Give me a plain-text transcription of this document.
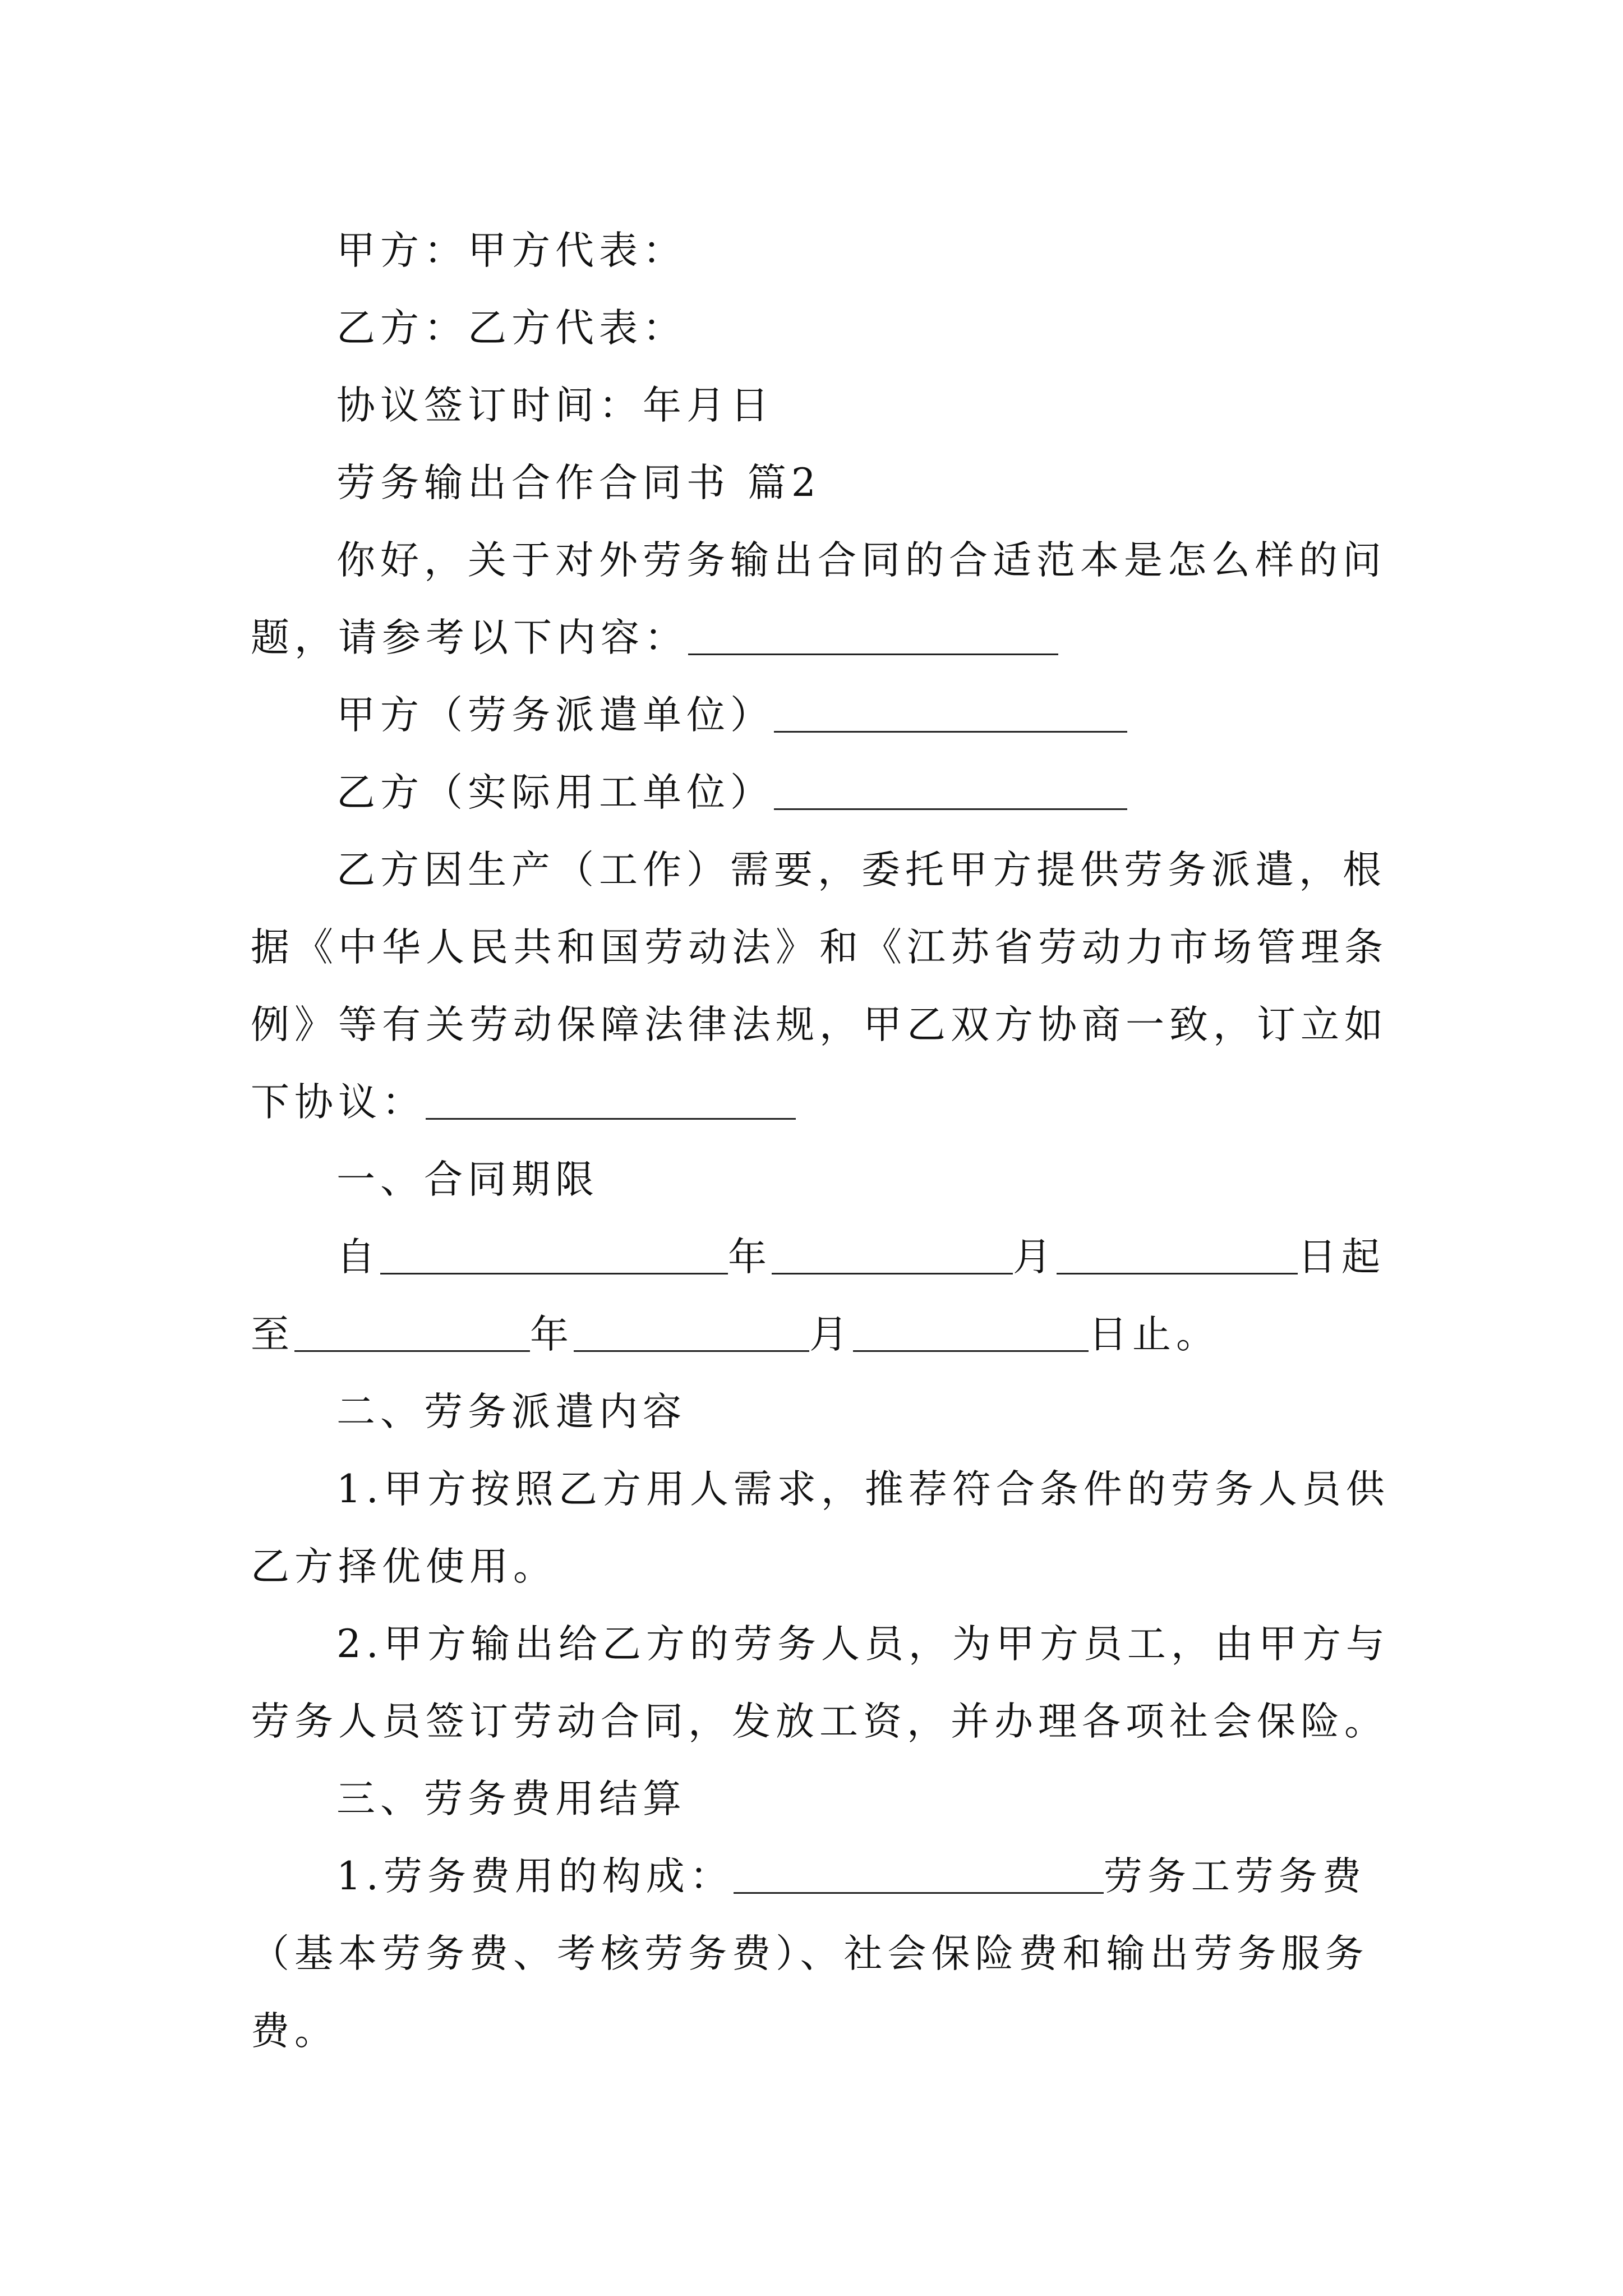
甲方：甲方代表：

乙方：乙方代表：

协议签订时间：年月日

劳务输出合作合同书 篇2

你好，关于对外劳务输出合同的合适范本是怎么样的问

题，请参考以下内容：

甲方（劳务派遣单位）

乙方（实际用工单位）

乙方因生产（工作）需要，委托甲方提供劳务派遣，根

据《中华人民共和国劳动法》和《江苏省劳动力市场管理条

例》等有关劳动保障法律法规，甲乙双方协商一致，订立如

下协议：

一、合同期限

自	年	月	日起

至	年	月	日止。

二、劳务派遣内容

1.甲方按照乙方用人需求，推荐符合条件的劳务人员供

乙方择优使用。

2.甲方输出给乙方的劳务人员，为甲方员工，由甲方与

劳务人员签订劳动合同，发放工资，并办理各项社会保险。

三、劳务费用结算

1.劳务费用的构成：	劳务工劳务费

（基本劳务费、考核劳务费）、社会保险费和输出劳务服务

费。
